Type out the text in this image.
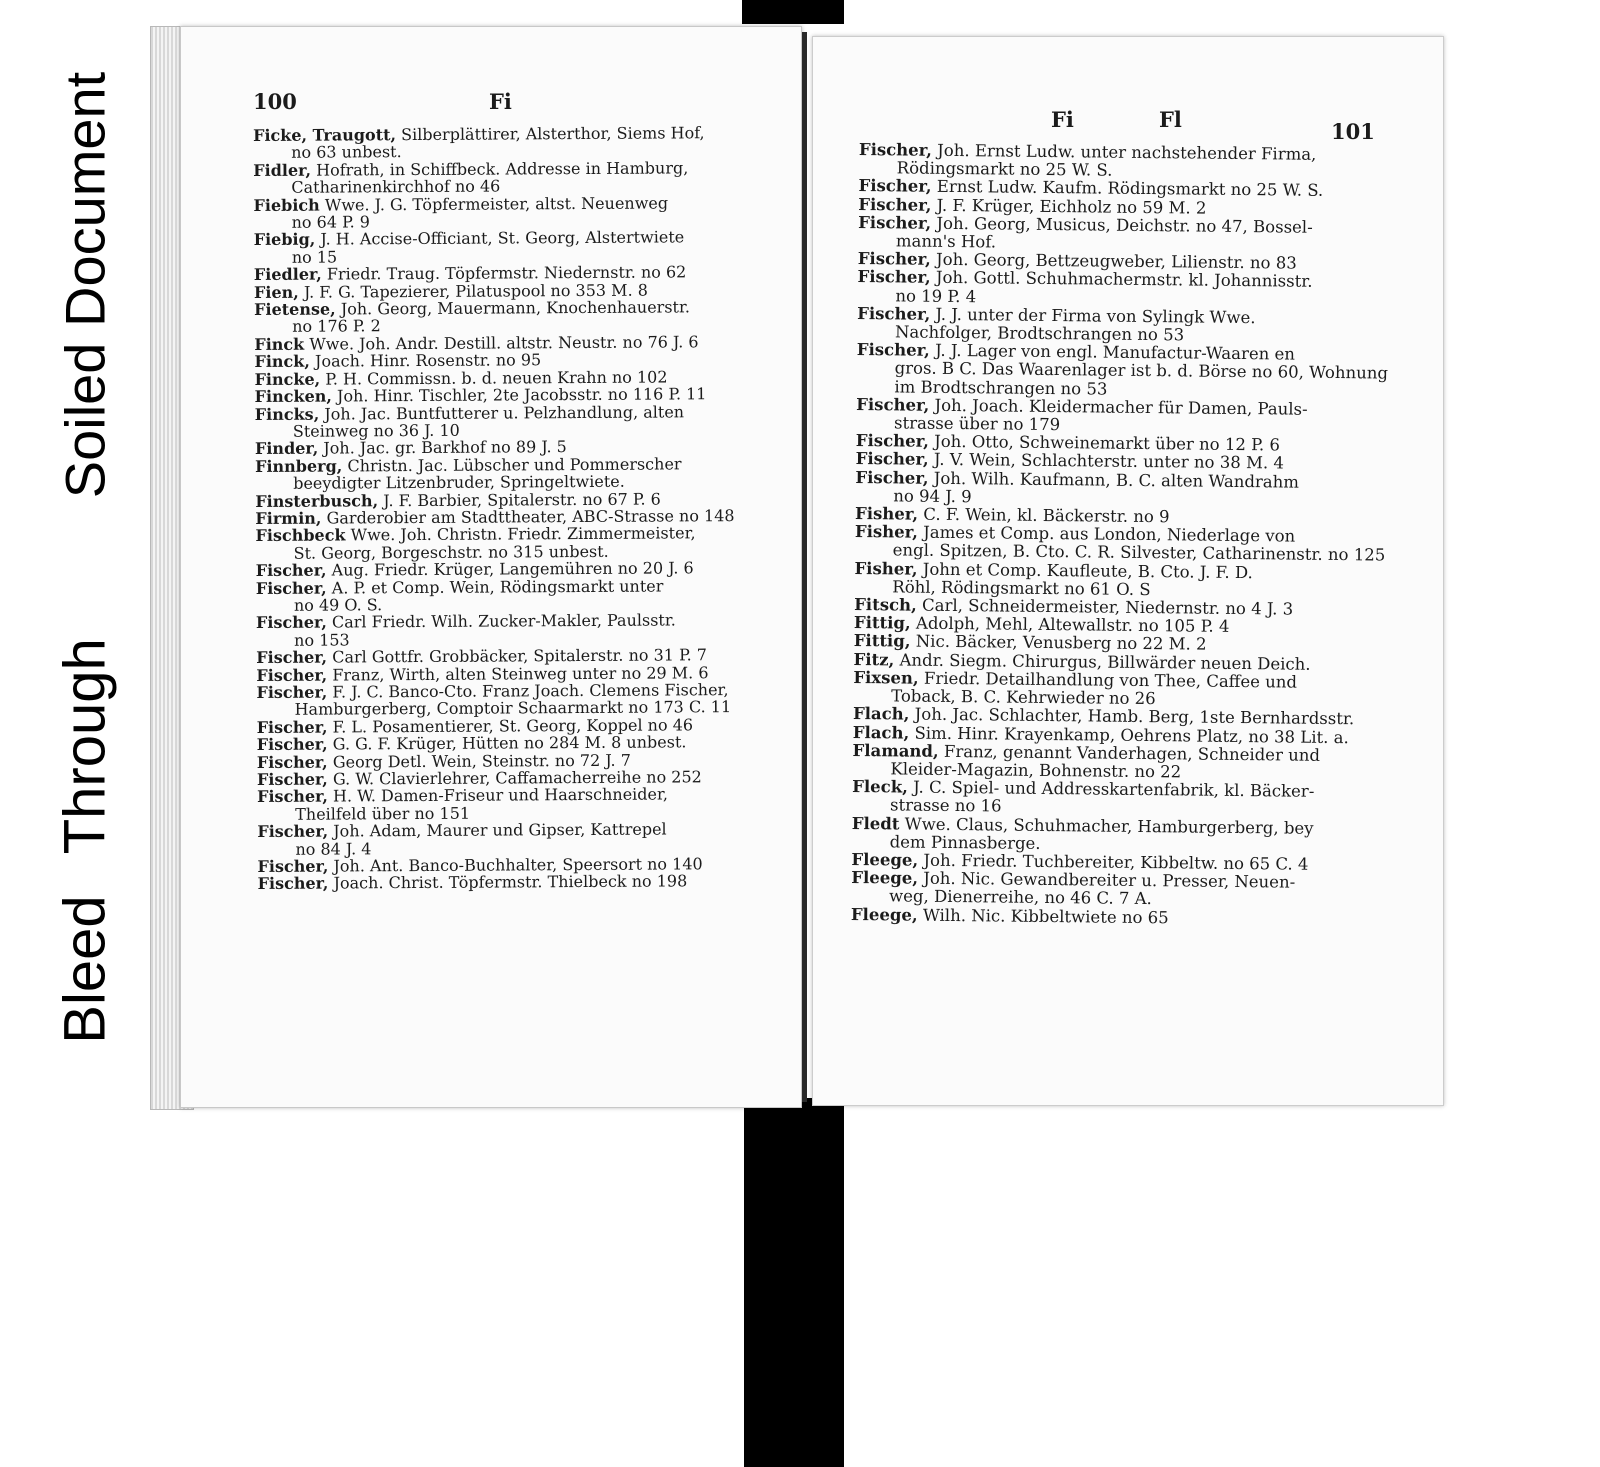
Soiled Document
Bleed Through
100	Fi

Ficke, Traugott, Silberplättirer, Alsterthor, Siems Hof,
no 63 unbest.

Fidler, Hofrath, in Schiffbeck. Addresse in Hamburg,
Catharinenkirchhof no 46

Fiebich Wwe. J. G. Töpfermeister, altst. Neuenweg
no 64 P. 9

Fiebig, J. H. Accise-Officiant, St. Georg, Alstertwiete
no 15

Fiedler, Friedr. Traug. Töpfermstr. Niedernstr. no 62

Fien, J. F. G. Tapezierer, Pilatuspool no 353 M. 8

Fietense, Joh. Georg, Mauermann, Knochenhauerstr.
no 176 P. 2

Finck Wwe. Joh. Andr. Destill. altstr. Neustr. no 76 J. 6

Finck, Joach. Hinr. Rosenstr. no 95

Fincke, P. H. Commissn. b. d. neuen Krahn no 102

Fincken, Joh. Hinr. Tischler, 2te Jacobsstr. no 116 P. 11

Fincks, Joh. Jac. Buntfutterer u. Pelzhandlung, alten
Steinweg no 36 J. 10

Finder, Joh. Jac. gr. Barkhof no 89 J. 5

Finnberg, Christn. Jac. Lübscher und Pommerscher
beeydigter Litzenbruder, Springeltwiete.

Finsterbusch, J. F. Barbier, Spitalerstr. no 67 P. 6

Firmin, Garderobier am Stadttheater, ABC-Strasse no 148

Fischbeck Wwe. Joh. Christn. Friedr. Zimmermeister,
St. Georg, Borgeschstr. no 315 unbest.

Fischer, Aug. Friedr. Krüger, Langemühren no 20 J. 6

Fischer, A. P. et Comp. Wein, Rödingsmarkt unter
no 49 O. S.

Fischer, Carl Friedr. Wilh. Zucker-Makler, Paulsstr.
no 153

Fischer, Carl Gottfr. Grobbäcker, Spitalerstr. no 31 P. 7

Fischer, Franz, Wirth, alten Steinweg unter no 29 M. 6

Fischer, F. J. C. Banco-Cto. Franz Joach. Clemens Fischer,
Hamburgerberg, Comptoir Schaarmarkt no 173 C. 11

Fischer, F. L. Posamentierer, St. Georg, Koppel no 46

Fischer, G. G. F. Krüger, Hütten no 284 M. 8 unbest.

Fischer, Georg Detl. Wein, Steinstr. no 72 J. 7

Fischer, G. W. Clavierlehrer, Caffamacherreihe no 252

Fischer, H. W. Damen-Friseur und Haarschneider,
Theilfeld über no 151

Fischer, Joh. Adam, Maurer und Gipser, Kattrepel
no 84 J. 4

Fischer, Joh. Ant. Banco-Buchhalter, Speersort no 140

Fischer, Joach. Christ. Töpfermstr. Thielbeck no 198

Fi	Fl	101

Fischer, Joh. Ernst Ludw. unter nachstehender Firma,
Rödingsmarkt no 25 W. S.

Fischer, Ernst Ludw. Kaufm. Rödingsmarkt no 25 W. S.

Fischer, J. F. Krüger, Eichholz no 59 M. 2

Fischer, Joh. Georg, Musicus, Deichstr. no 47, Bossel-
mann's Hof.

Fischer, Joh. Georg, Bettzeugweber, Lilienstr. no 83

Fischer, Joh. Gottl. Schuhmachermstr. kl. Johannisstr.
no 19 P. 4

Fischer, J. J. unter der Firma von Sylingk Wwe.
Nachfolger, Brodtschrangen no 53

Fischer, J. J. Lager von engl. Manufactur-Waaren en
gros. B C. Das Waarenlager ist b. d. Börse no 60, Wohnung im Brodtschrangen no 53

Fischer, Joh. Joach. Kleidermacher für Damen, Pauls-
strasse über no 179

Fischer, Joh. Otto, Schweinemarkt über no 12 P. 6

Fischer, J. V. Wein, Schlachterstr. unter no 38 M. 4

Fischer, Joh. Wilh. Kaufmann, B. C. alten Wandrahm
no 94 J. 9

Fisher, C. F. Wein, kl. Bäckerstr. no 9

Fisher, James et Comp. aus London, Niederlage von
engl. Spitzen, B. Cto. C. R. Silvester, Catharinenstr. no 125

Fisher, John et Comp. Kaufleute, B. Cto. J. F. D.
Röhl, Rödingsmarkt no 61 O. S

Fitsch, Carl, Schneidermeister, Niedernstr. no 4 J. 3

Fittig, Adolph, Mehl, Altewallstr. no 105 P. 4

Fittig, Nic. Bäcker, Venusberg no 22 M. 2

Fitz, Andr. Siegm. Chirurgus, Billwärder neuen Deich.

Fixsen, Friedr. Detailhandlung von Thee, Caffee und
Toback, B. C. Kehrwieder no 26

Flach, Joh. Jac. Schlachter, Hamb. Berg, 1ste Bernhardsstr.

Flach, Sim. Hinr. Krayenkamp, Oehrens Platz, no 38 Lit. a.

Flamand, Franz, genannt Vanderhagen, Schneider und
Kleider-Magazin, Bohnenstr. no 22

Fleck, J. C. Spiel- und Addresskartenfabrik, kl. Bäcker-
strasse no 16

Fledt Wwe. Claus, Schuhmacher, Hamburgerberg, bey
dem Pinnasberge.

Fleege, Joh. Friedr. Tuchbereiter, Kibbeltw. no 65 C. 4

Fleege, Joh. Nic. Gewandbereiter u. Presser, Neuen-
weg, Dienerreihe, no 46 C. 7 A.

Fleege, Wilh. Nic. Kibbeltwiete no 65
